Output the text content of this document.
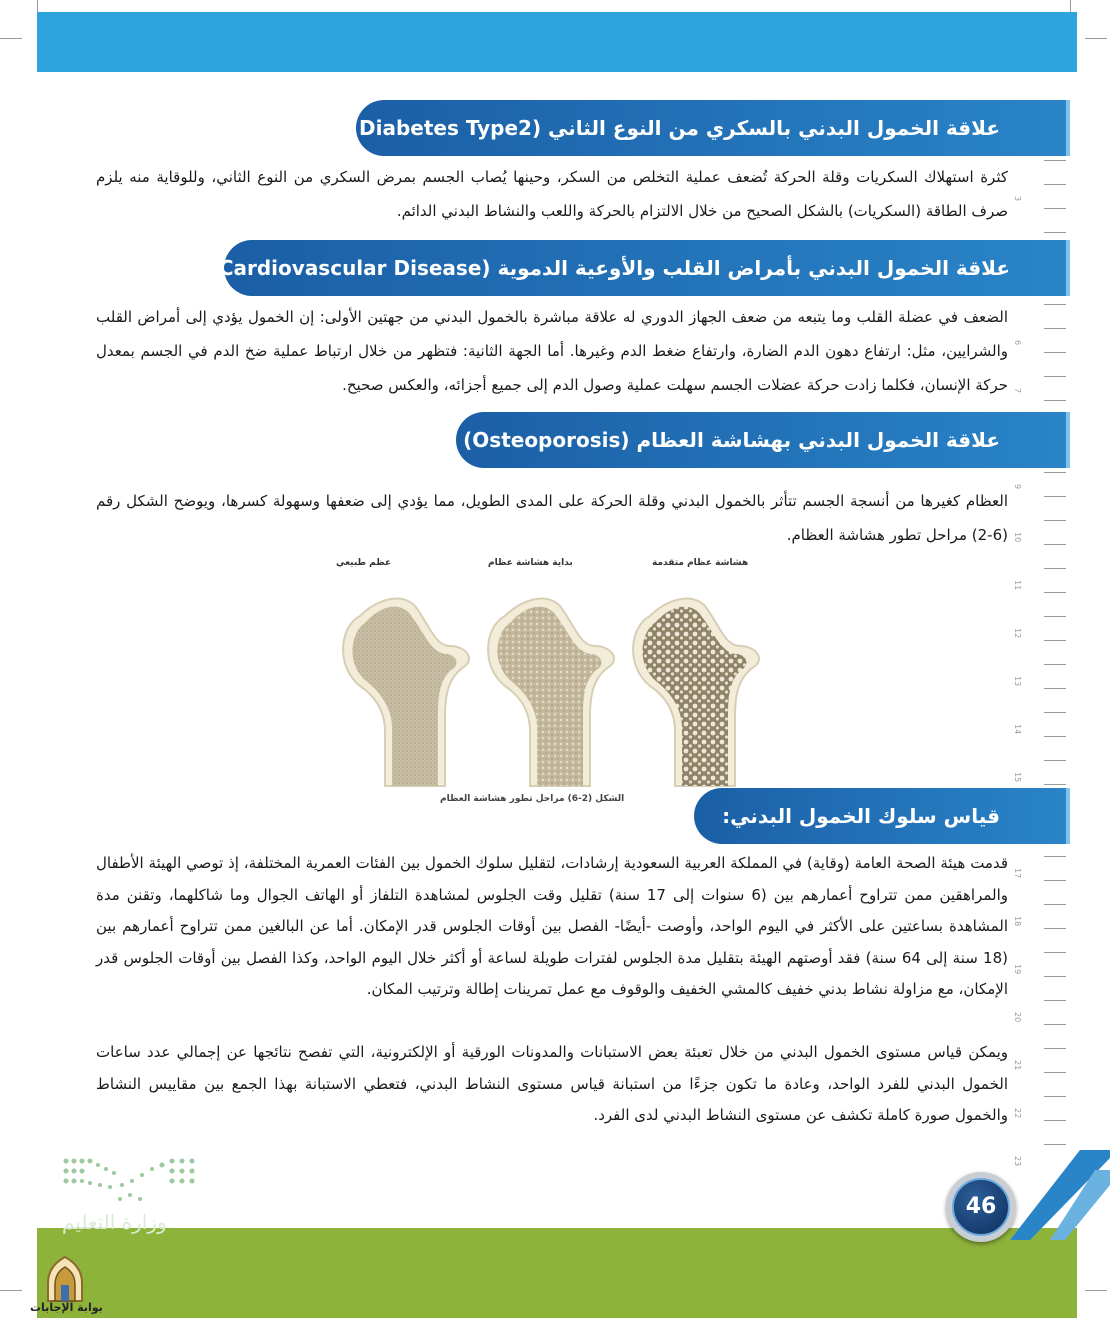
3
6
7
9
10
11
12
13
14
15
17
18
19
20
21
22
23
علاقة الخمول البدني بالسكري من النوع الثاني (Diabetes Type2)
كثرة استهلاك السكريات وقلة الحركة تُضعف عملية التخلص من السكر، وحينها يُصاب الجسم بمرض السكري من النوع الثاني، وللوقاية منه يلزم صرف الطاقة (السكريات) بالشكل الصحيح من خلال الالتزام بالحركة واللعب والنشاط البدني الدائم.
علاقة الخمول البدني بأمراض القلب والأوعية الدموية (Cardiovascular Disease):
الضعف في عضلة القلب وما يتبعه من ضعف الجهاز الدوري له علاقة مباشرة بالخمول البدني من جهتين الأولى: إن الخمول يؤدي إلى أمراض القلب والشرايين، مثل: ارتفاع دهون الدم الضارة، وارتفاع ضغط الدم وغيرها. أما الجهة الثانية: فتظهر من خلال ارتباط عملية ضخ الدم في الجسم بمعدل حركة الإنسان، فكلما زادت حركة عضلات الجسم سهلت عملية وصول الدم إلى جميع أجزائه، والعكس صحيح.
علاقة الخمول البدني بهشاشة العظام (Osteoporosis) :
العظام كغيرها من أنسجة الجسم تتأثر بالخمول البدني وقلة الحركة على المدى الطويل، مما يؤدي إلى ضعفها وسهولة كسرها، ويوضح الشكل رقم (6-2) مراحل تطور هشاشة العظام.
عظم طبيعي	بداية هشاشة عظام	هشاشة عظام متقدمة
الشكل (2-6) مراحل تطور هشاشة العظام
قياس سلوك الخمول البدني:
قدمت هيئة الصحة العامة (وقاية) في المملكة العربية السعودية إرشادات، لتقليل سلوك الخمول بين الفئات العمرية المختلفة، إذ توصي الهيئة الأطفال والمراهقين ممن تتراوح أعمارهم بين (6 سنوات إلى 17 سنة) تقليل وقت الجلوس لمشاهدة التلفاز أو الهاتف الجوال وما شاكلهما، وتقنن مدة المشاهدة بساعتين على الأكثر في اليوم الواحد، وأوصت -أيضًا- الفصل بين أوقات الجلوس قدر الإمكان. أما عن البالغين ممن تتراوح أعمارهم بين (18 سنة إلى 64 سنة) فقد أوصتهم الهيئة بتقليل مدة الجلوس لفترات طويلة لساعة أو أكثر خلال اليوم الواحد، وكذا الفصل بين أوقات الجلوس قدر الإمكان، مع مزاولة نشاط بدني خفيف كالمشي الخفيف والوقوف مع عمل تمرينات إطالة وترتيب المكان.
ويمكن قياس مستوى الخمول البدني من خلال تعبئة بعض الاستبانات والمدونات الورقية أو الإلكترونية، التي تفصح نتائجها عن إجمالي عدد ساعات الخمول البدني للفرد الواحد، وعادة ما تكون جزءًا من استبانة قياس مستوى النشاط البدني، فتعطي الاستبانة بهذا الجمع بين مقاييس النشاط والخمول صورة كاملة تكشف عن مستوى النشاط البدني لدى الفرد.
46
وزارة التعليم
بوابة الإجابات
